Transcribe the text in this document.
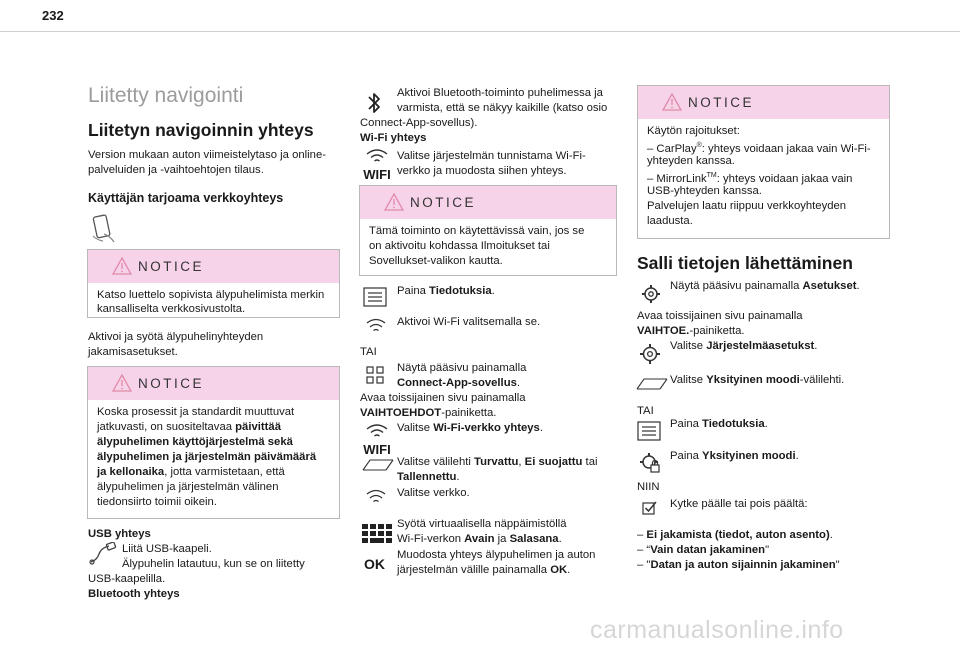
232
Liitetty navigointi
Liitetyn navigoinnin yhteys
Version mukaan auton viimeistelytaso ja online-
palveluiden ja -vaihtoehtojen tilaus.
Käyttäjän tarjoama verkkoyhteys
NOTICE
Katso luettelo sopivista älypuhelimista merkin
kansalliselta verkkosivustolta.
Aktivoi ja syötä älypuhelinyhteyden
jakamisasetukset.
NOTICE
Koska prosessit ja standardit muuttuvat
jatkuvasti, on suositeltavaa päivittää
älypuhelimen käyttöjärjestelmä sekä
älypuhelimen ja järjestelmän päivämäärä
ja kellonaika, jotta varmistetaan, että
älypuhelimen ja järjestelmän välinen
tiedonsiirto toimii oikein.
USB yhteys
Liitä USB-kaapeli.
Älypuhelin latautuu, kun se on liitetty
USB-kaapelilla.
Bluetooth yhteys
Aktivoi Bluetooth-toiminto puhelimessa ja
varmista, että se näkyy kaikille (katso osio
Connect-App-sovellus).
Wi-Fi yhteys
WIFI
Valitse järjestelmän tunnistama Wi-Fi-
verkko ja muodosta siihen yhteys.
NOTICE
Tämä toiminto on käytettävissä vain, jos se
on aktivoitu kohdassa Ilmoitukset tai
Sovellukset-valikon kautta.
Paina Tiedotuksia.
Aktivoi Wi-Fi valitsemalla se.
TAI
Näytä pääsivu painamalla
Connect-App-sovellus.
Avaa toissijainen sivu painamalla
VAIHTOEHDOT-painiketta.
WIFI
Valitse Wi-Fi-verkko yhteys.
Valitse välilehti Turvattu, Ei suojattu tai
Tallennettu.
Valitse verkko.
Syötä virtuaalisella näppäimistöllä
Wi-Fi-verkon Avain ja Salasana.
OK
Muodosta yhteys älypuhelimen ja auton
järjestelmän välille painamalla OK.
NOTICE
Käytön rajoitukset:
– CarPlay®: yhteys voidaan jakaa vain Wi-Fi-
yhteyden kanssa.
– MirrorLink™: yhteys voidaan jakaa vain
USB-yhteyden kanssa.
Palvelujen laatu riippuu verkkoyhteyden
laadusta.
Salli tietojen lähettäminen
Näytä pääsivu painamalla Asetukset.
Avaa toissijainen sivu painamalla
VAIHTOE.-painiketta.
Valitse Järjestelmäasetukst.
Valitse Yksityinen moodi-välilehti.
TAI
Paina Tiedotuksia.
Paina Yksityinen moodi.
NIIN
Kytke päälle tai pois päältä:
– Ei jakamista (tiedot, auton asento).
– “Vain datan jakaminen"
– "Datan ja auton sijainnin jakaminen"
carmanualsonline.info
